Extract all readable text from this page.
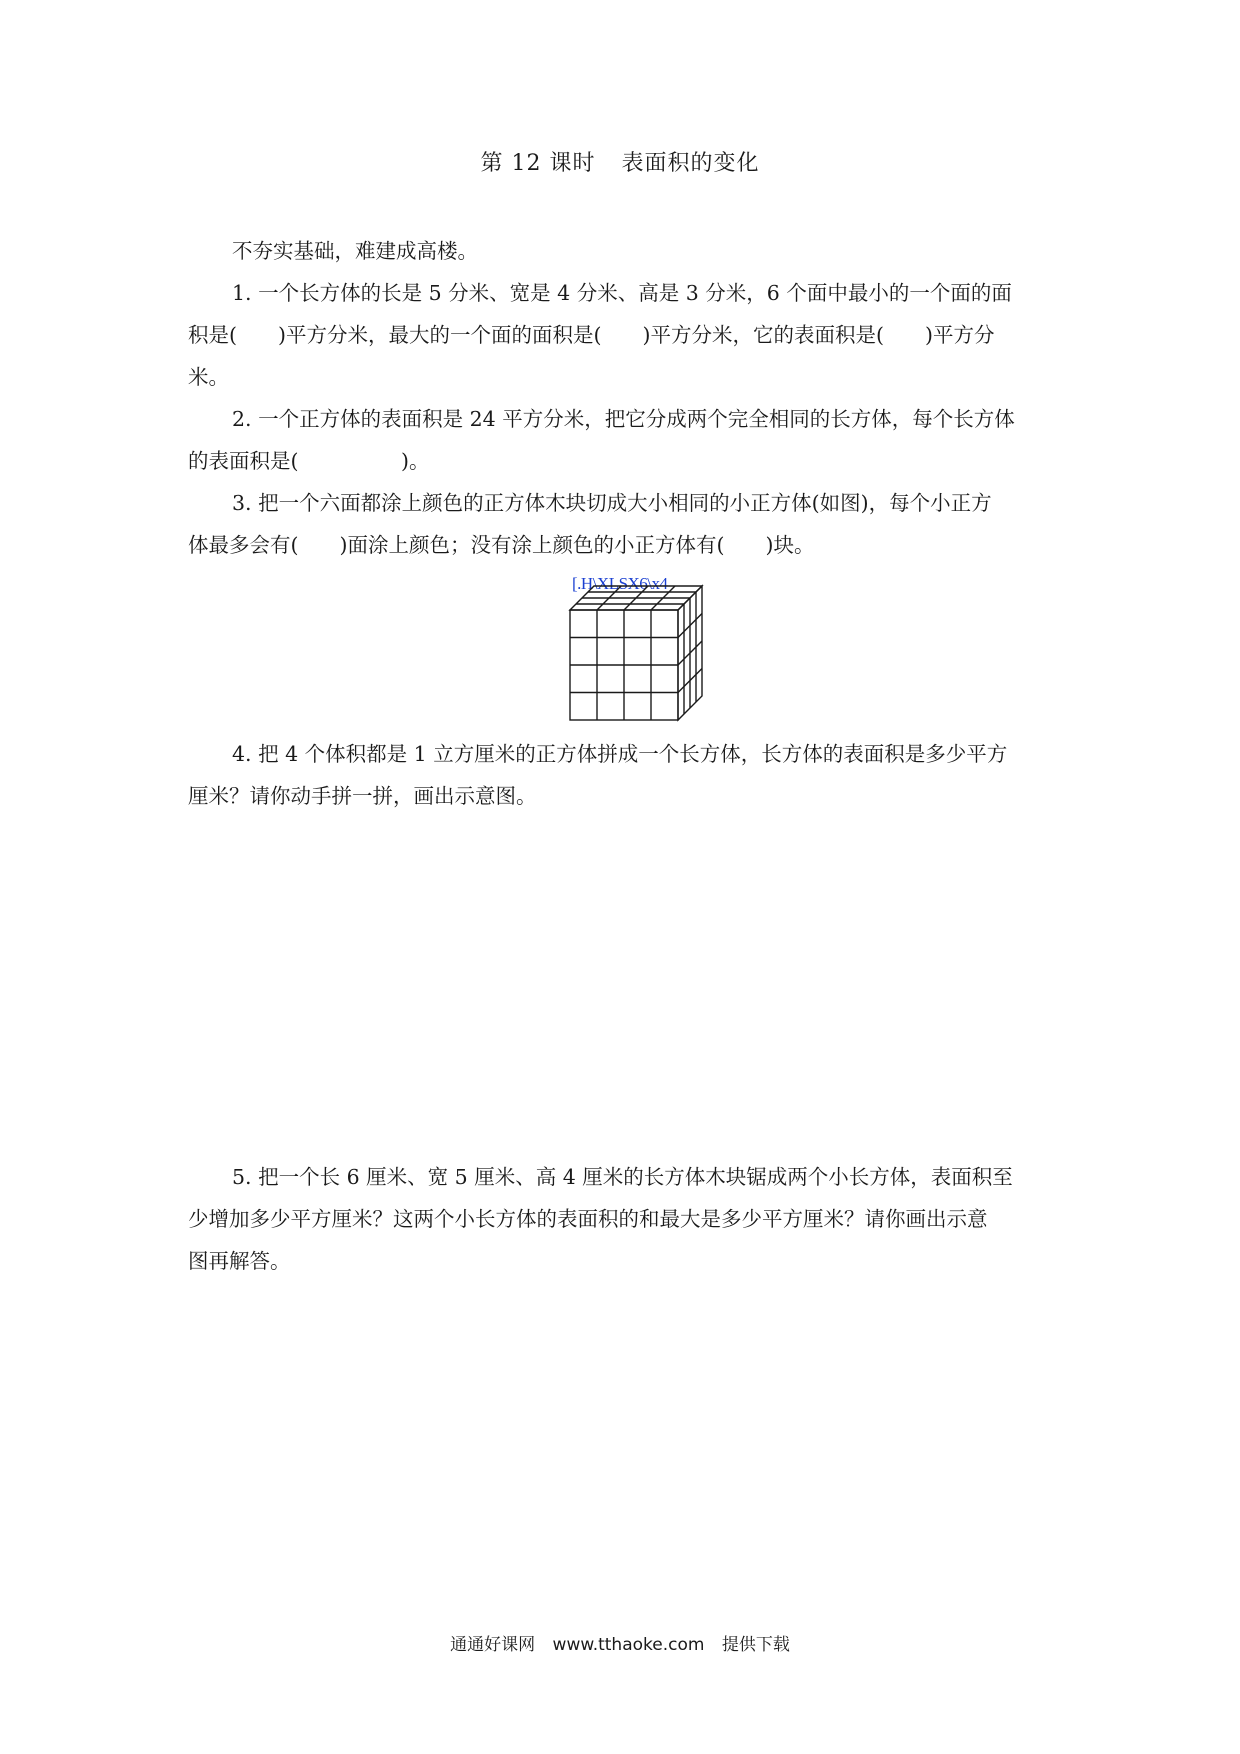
第 12 课时 表面积的变化

不夯实基础，难建成高楼。

1. 一个长方体的长是 5 分米、宽是 4 分米、高是 3 分米，6 个面中最小的一个面的面

积是(　　)平方分米，最大的一个面的面积是(　　)平方分米，它的表面积是(　　)平方分

米。

2. 一个正方体的表面积是 24 平方分米，把它分成两个完全相同的长方体，每个长方体

的表面积是(　　　　　)。

3. 把一个六面都涂上颜色的正方体木块切成大小相同的小正方体(如图)，每个小正方

体最多会有(　　)面涂上颜色；没有涂上颜色的小正方体有(　　)块。

[.H\XLSX6\x4

4. 把 4 个体积都是 1 立方厘米的正方体拼成一个长方体，长方体的表面积是多少平方

厘米？请你动手拼一拼，画出示意图。

5. 把一个长 6 厘米、宽 5 厘米、高 4 厘米的长方体木块锯成两个小长方体，表面积至

少增加多少平方厘米？这两个小长方体的表面积的和最大是多少平方厘米？请你画出示意

图再解答。

通通好课网 www.tthaoke.com 提供下载
